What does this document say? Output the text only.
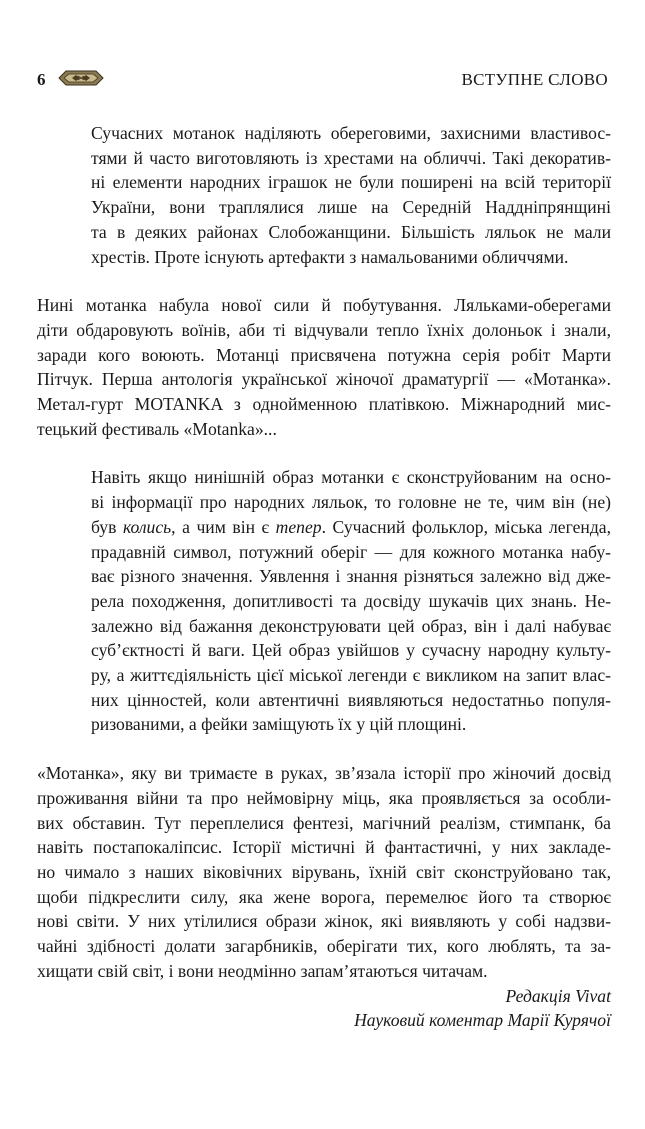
6	ВСТУПНЕ СЛОВО

Сучасних мотанок наділяють обереговими, захисними властивос-
тями й часто виготовляють із хрестами на обличчі. Такі декоратив-
ні елементи народних іграшок не були поширені на всій території
України, вони траплялися лише на Середній Наддніпрянщині
та в деяких районах Слобожанщини. Більшість ляльок не мали
хрестів. Проте існують артефакти з намальованими обличчями.

Нині мотанка набула нової сили й побутування. Ляльками-оберегами
діти обдаровують воїнів, аби ті відчували тепло їхніх долоньок і знали,
заради кого воюють. Мотанці присвячена потужна серія робіт Марти
Пітчук. Перша антологія української жіночої драматургії — «Мотанка».
Метал-гурт MOTANKA з однойменною платівкою. Міжнародний мис-
тецький фестиваль «Motanka»...

Навіть якщо нинішній образ мотанки є сконструйованим на осно-
ві інформації про народних ляльок, то головне не те, чим він (не)
був колись, а чим він є тепер. Сучасний фольклор, міська легенда,
прадавній символ, потужний оберіг — для кожного мотанка набу-
ває різного значення. Уявлення і знання різняться залежно від дже-
рела походження, допитливості та досвіду шукачів цих знань. Не-
залежно від бажання деконструювати цей образ, він і далі набуває
суб’єктності й ваги. Цей образ увійшов у сучасну народну культу-
ру, а життєдіяльність цієї міської легенди є викликом на запит влас-
них цінностей, коли автентичні виявляються недостатньо популя-
ризованими, а фейки заміщують їх у цій площині.

«Мотанка», яку ви тримаєте в руках, зв’язала історії про жіночий досвід
проживання війни та про неймовірну міць, яка проявляється за особли-
вих обставин. Тут переплелися фентезі, магічний реалізм, стимпанк, ба
навіть постапокаліпсис. Історії містичні й фантастичні, у них закладе-
но чимало з наших віковічних вірувань, їхній світ сконструйовано так,
щоби підкреслити силу, яка жене ворога, перемелює його та створює
нові світи. У них утілилися образи жінок, які виявляють у собі надзви-
чайні здібності долати загарбників, оберігати тих, кого люблять, та за-
хищати свій світ, і вони неодмінно запам’ятаються читачам.

Редакція Vivat
Науковий коментар Марії Курячої
